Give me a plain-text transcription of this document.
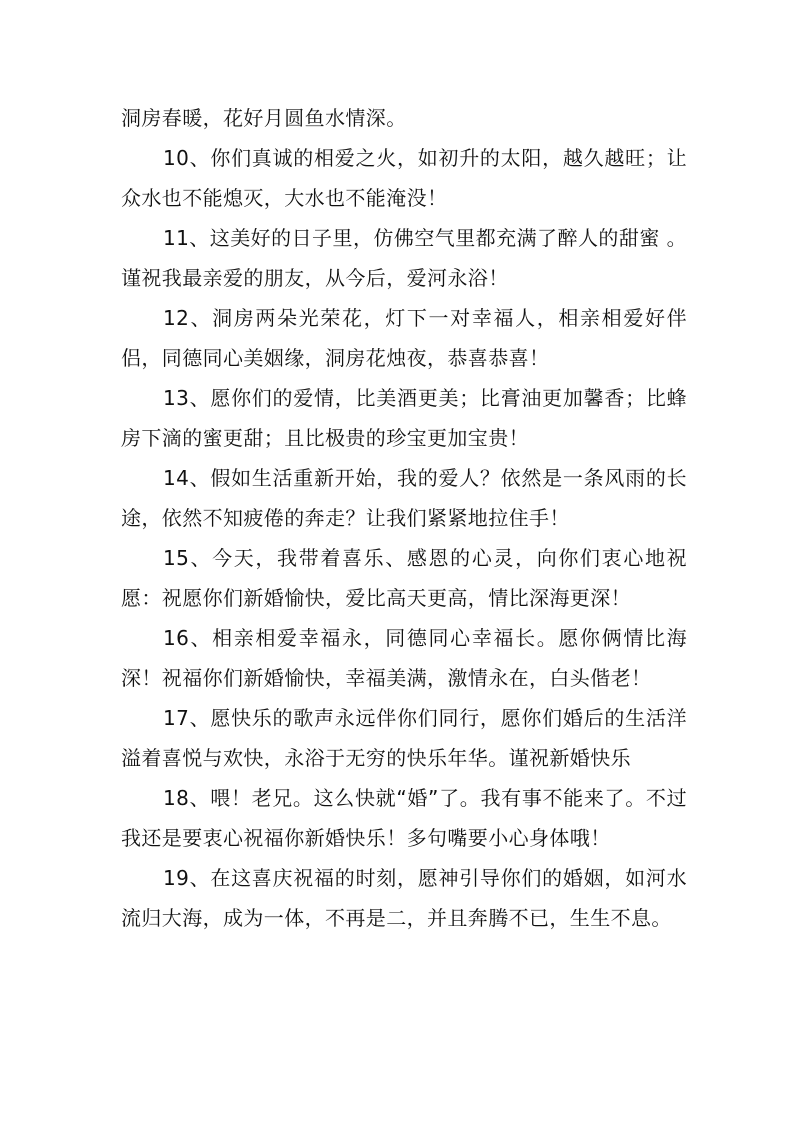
洞房春暖，花好月圆鱼水情深。

10、你们真诚的相爱之火，如初升的太阳，越久越旺；让众水也不能熄灭，大水也不能淹没！

11、这美好的日子里，仿佛空气里都充满了醉人的甜蜜 。谨祝我最亲爱的朋友，从今后，爱河永浴！

12、洞房两朵光荣花，灯下一对幸福人，相亲相爱好伴侣，同德同心美姻缘，洞房花烛夜，恭喜恭喜！

13、愿你们的爱情，比美酒更美；比膏油更加馨香；比蜂房下滴的蜜更甜；且比极贵的珍宝更加宝贵！

14、假如生活重新开始，我的爱人？依然是一条风雨的长途，依然不知疲倦的奔走？让我们紧紧地拉住手！

15、今天，我带着喜乐、感恩的心灵，向你们衷心地祝愿：祝愿你们新婚愉快，爱比高天更高，情比深海更深！

16、相亲相爱幸福永，同德同心幸福长。愿你俩情比海深！祝福你们新婚愉快，幸福美满，激情永在，白头偕老！

17、愿快乐的歌声永远伴你们同行，愿你们婚后的生活洋溢着喜悦与欢快，永浴于无穷的快乐年华。谨祝新婚快乐

18、喂！老兄。这么快就“婚”了。我有事不能来了。不过我还是要衷心祝福你新婚快乐！多句嘴要小心身体哦！

19、在这喜庆祝福的时刻，愿神引导你们的婚姻，如河水流归大海，成为一体，不再是二，并且奔腾不已，生生不息。
